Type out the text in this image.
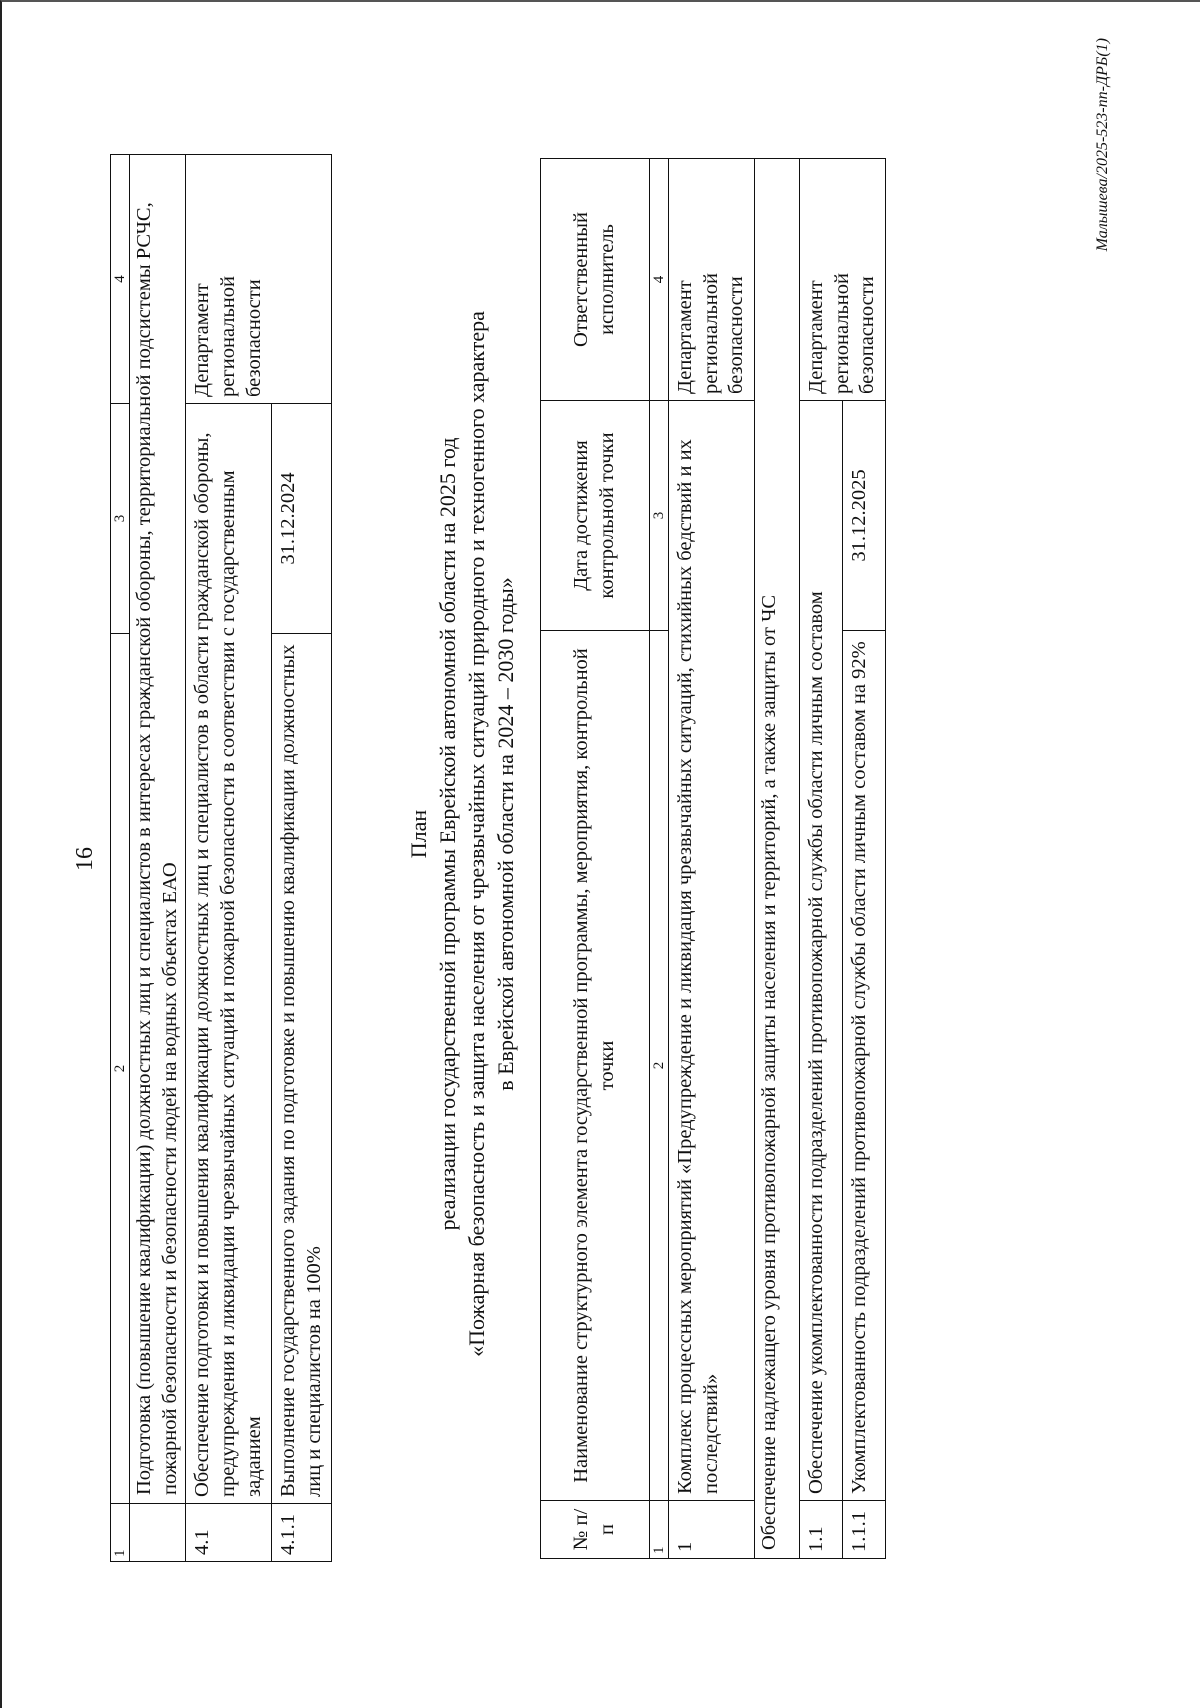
16
1	2	3	4
	Подготовка (повышение квалификации) должностных лиц и специалистов в интересах гражданской обороны, территориальной подсистемы РСЧС, пожарной безопасности и безопасности людей на водных объектах ЕАО		
4.1	Обеспечение подготовки и повышения квалификации должностных лиц и специалистов в области гражданской обороны, предупреждения и ликвидации чрезвычайных ситуаций и пожарной безопасности в соответствии с государственным заданием		Департамент региональной безопасности
4.1.1	Выполнение государственного задания по подготовке и повышению квалификации должностных лиц и специалистов на 100%	31.12.2024	
План реализации государственной программы Еврейской автономной области на 2025 год «Пожарная безопасность и защита населения от чрезвычайных ситуаций природного и техногенного характера в Еврейской автономной области на 2024 – 2030 годы»
№ п/п	Наименование структурного элемента государственной программы, мероприятия, контрольной точки	Дата достижения контрольной точки	Ответственный исполнитель
1	2	3	4
1	Комплекс процессных мероприятий «Предупреждение и ликвидация чрезвычайных ситуаций, стихийных бедствий и их последствий»		Департамент региональной безопасности
Обеспечение надлежащего уровня противопожарной защиты населения и территорий, а также защиты от ЧС			
1.1	Обеспечение укомплектованности подразделений противопожарной службы области личным составом		Департамент региональной безопасности
1.1.1	Укомплектованность подразделений противопожарной службы области личным составом на 92%	31.12.2025	
Малышева/2025-523-пп-ДРБ(1)
